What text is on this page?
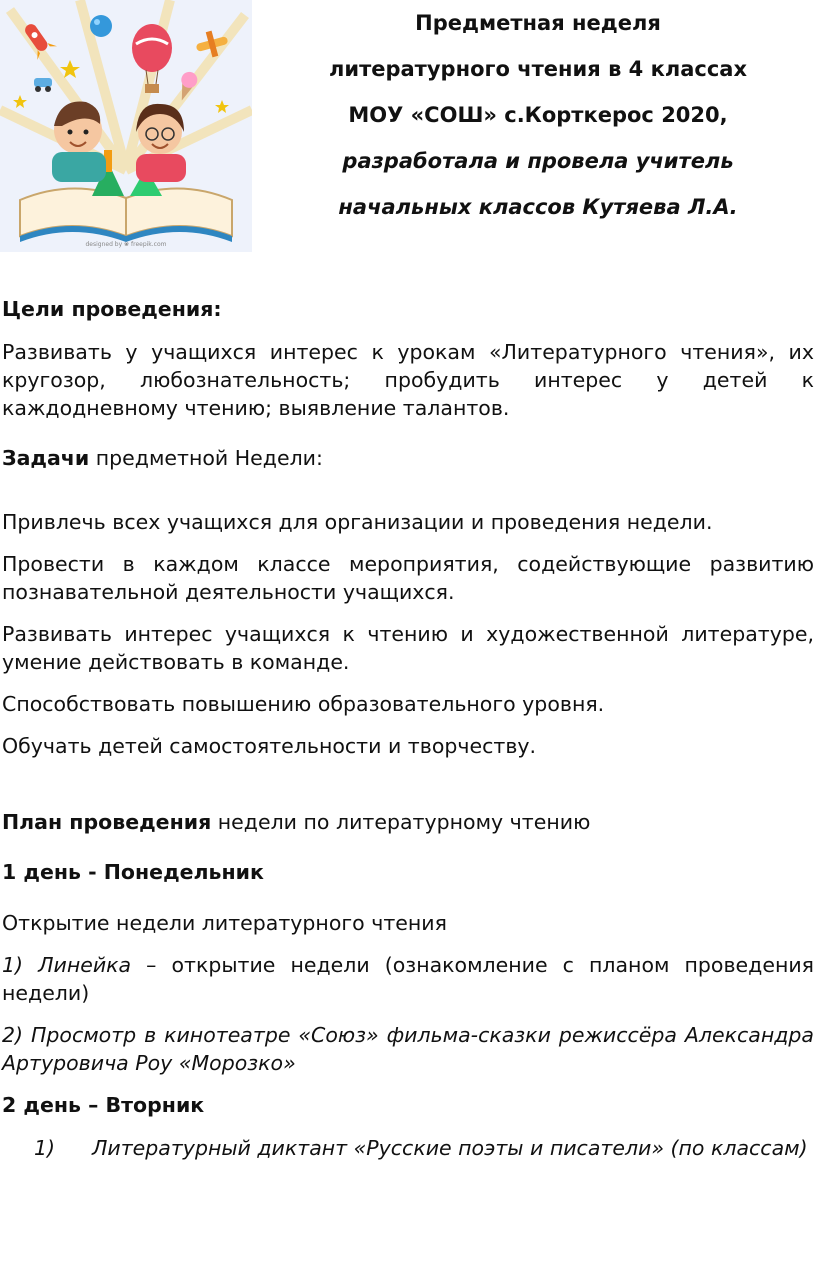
designed by ❀ freepik.com
Предметная неделя
литературного чтения в 4 классах
МОУ «СОШ» с.Корткерос 2020,
разработала и провела учитель
начальных классов Кутяева Л.А.
Цели проведения:
Развивать у учащихся интерес к урокам «Литературного чтения», их кругозор, любознательность; пробудить интерес у детей к каждодневному чтению; выявление талантов.
Задачи предметной Недели:
Привлечь всех учащихся для организации и проведения недели.
Провести в каждом классе мероприятия, содействующие развитию познавательной деятельности учащихся.
Развивать интерес учащихся к чтению и художественной литературе, умение действовать в команде.
Способствовать повышению образовательного уровня.
Обучать детей самостоятельности и творчеству.
План проведения недели по литературному чтению
1 день - Понедельник
Открытие недели литературного чтения
1) Линейка – открытие недели (ознакомление с планом проведения недели)
2) Просмотр в кинотеатре «Союз» фильма-сказки режиссёра Александра Артуровича Роу «Морозко»
2 день – Вторник
1)	Литературный диктант «Русские поэты и писатели» (по классам)
